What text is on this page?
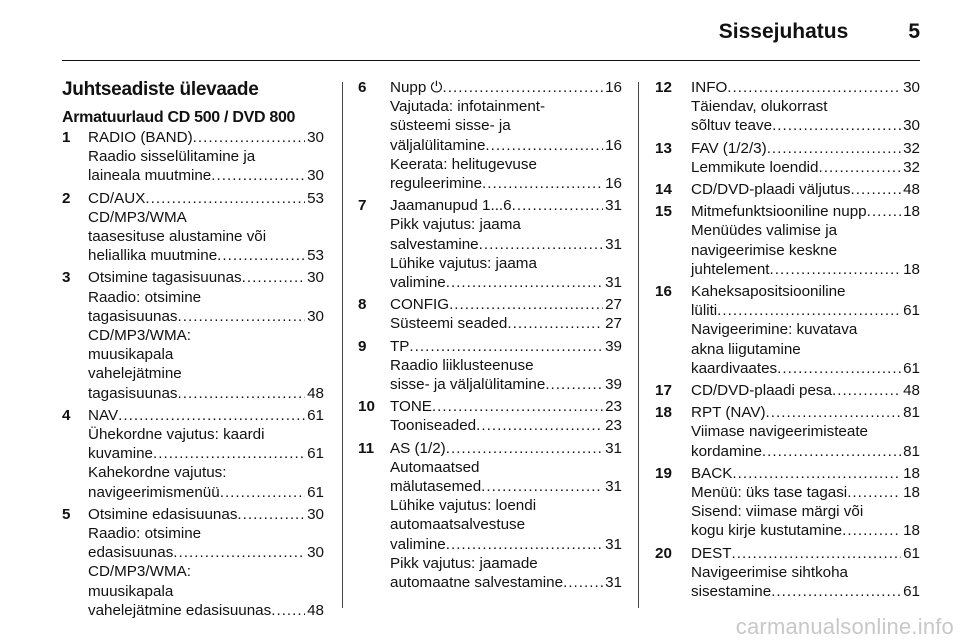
Sissejuhatus	5
Juhtseadiste ülevaade
Armatuurlaud CD 500 / DVD 800
1	RADIO (BAND) . . .	30
Raadio sisselülitamine ja
laineala muutmine . . .	30
2	CD/AUX . . .	53
CD/MP3/WMA
taasesituse alustamine või
heliallika muutmine . . .	53
3	Otsimine tagasisuunas . . .	30
Raadio: otsimine
tagasisuunas . . .	30
CD/MP3/WMA:
muusikapala
vahelejätmine
tagasisuunas . . .	48
4	NAV . . .	61
Ühekordne vajutus: kaardi
kuvamine . . .	61
Kahekordne vajutus:
navigeerimismenüü . . .	61
5	Otsimine edasisuunas . . .	30
Raadio: otsimine
edasisuunas . . .	30
CD/MP3/WMA:
muusikapala
vahelejätmine edasisuunas . . . 48
6	Nupp ⏻ . . .	16
Vajutada: infotainment-
süsteemi sisse- ja
väljalülitamine . . .	16
Keerata: helitugevuse
reguleerimine . . .	16
7	Jaamanupud 1...6 . . .	31
Pikk vajutus: jaama
salvestamine . . .	31
Lühike vajutus: jaama
valimine . . .	31
8	CONFIG . . .	27
Süsteemi seaded . . .	27
9	TP . . .	39
Raadio liiklusteenuse
sisse- ja väljalülitamine . . .	39
10 TONE . . .	23
Tooniseaded . . .	23
11	AS (1/2) . . .	31
Automaatsed
mälutasemed . . .	31
Lühike vajutus: loendi
automaatsalvestuse
valimine . . .	31
Pikk vajutus: jaamade
automaatne salvestamine . . .	31
12	INFO . . .	30
Täiendav, olukorrast
sõltuv teave . . .	30
13	FAV (1/2/3) . . .	32
Lemmikute loendid . . .	32
14	CD/DVD-plaadi väljutus . . .	48
15	Mitmefunktsiooniline nupp . . . 18
Menüüdes valimise ja
navigeerimise keskne
juhtelement . . .	18
16	Kaheksapositsiooniline
lüliti . . .	61
Navigeerimine: kuvatava
akna liigutamine
kaardivaates . . .	61
17	CD/DVD-plaadi pesa . . .	48
18	RPT (NAV) . . .	81
Viimase navigeerimisteate
kordamine . . .	81
19	BACK . . .	18
Menüü: üks tase tagasi . . .	18
Sisend: viimase märgi või
kogu kirje kustutamine . . .	18
20	DEST . . .	61
Navigeerimise sihtkoha
sisestamine . . .	61
carmanualsonline.info
